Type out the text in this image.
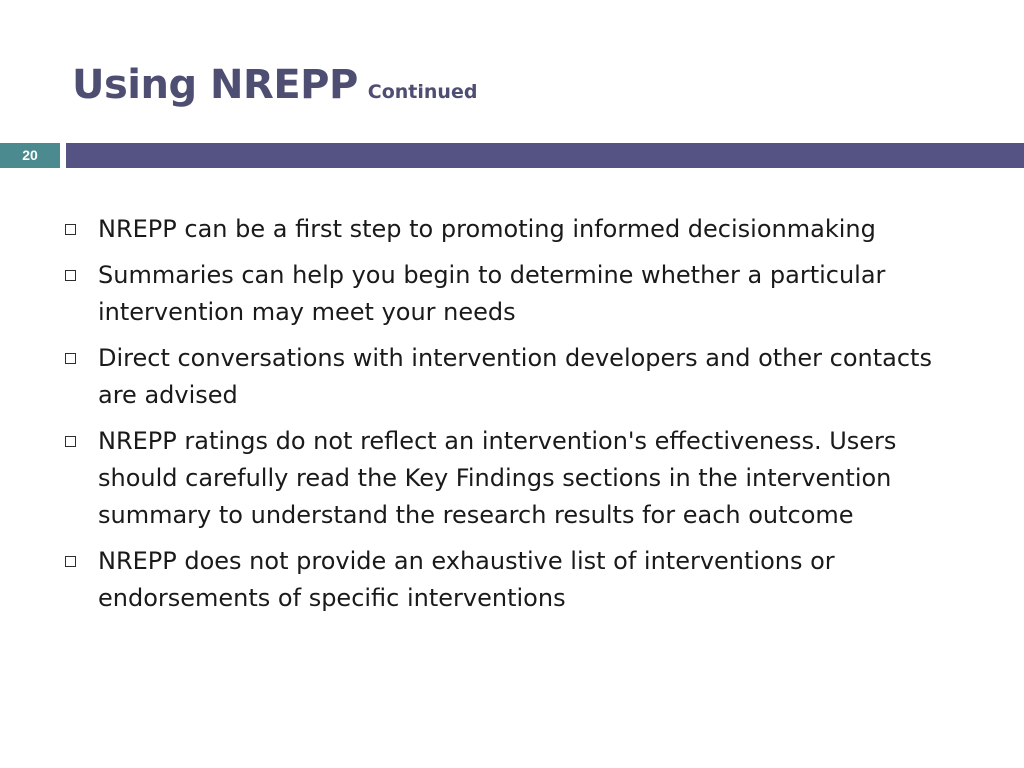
Using NREPP Continued
20
NREPP can be a first step to promoting informed decisionmaking
Summaries can help you begin to determine whether a particular intervention may meet your needs
Direct conversations with intervention developers and other contacts are advised
NREPP ratings do not reflect an intervention's effectiveness. Users should carefully read the Key Findings sections in the intervention summary to understand the research results for each outcome
NREPP does not provide an exhaustive list of interventions or endorsements of specific interventions
